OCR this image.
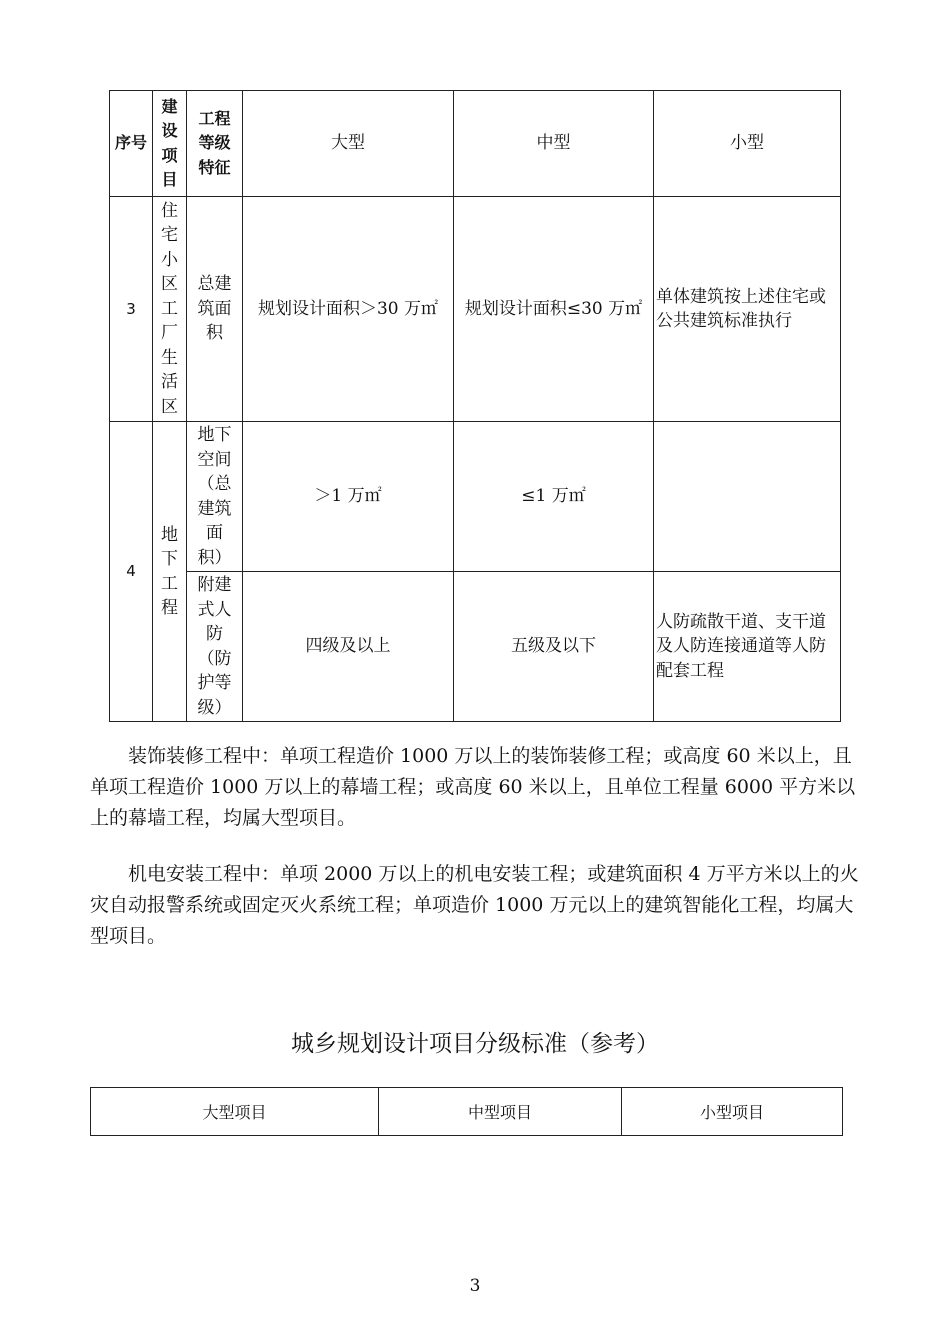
序号	建设项目	工程等级特征	大型	中型	小型
3	住宅小区工厂生活区	总建筑面积	规划设计面积＞30 万㎡	规划设计面积≤30 万㎡	单体建筑按上述住宅或公共建筑标准执行
4	地下工程	地下空间（总建筑面积）	＞1 万㎡	≤1 万㎡	
		附建式人防（防护等级）	四级及以上	五级及以下	人防疏散干道、支干道及人防连接通道等人防配套工程

装饰装修工程中：单项工程造价 1000 万以上的装饰装修工程；或高度 60 米以上，且单项工程造价 1000 万以上的幕墙工程；或高度 60 米以上，且单位工程量 6000 平方米以上的幕墙工程，均属大型项目。

机电安装工程中：单项 2000 万以上的机电安装工程；或建筑面积 4 万平方米以上的火灾自动报警系统或固定灭火系统工程；单项造价 1000 万元以上的建筑智能化工程，均属大型项目。

城乡规划设计项目分级标准（参考）
大型项目	中型项目	小型项目
3
